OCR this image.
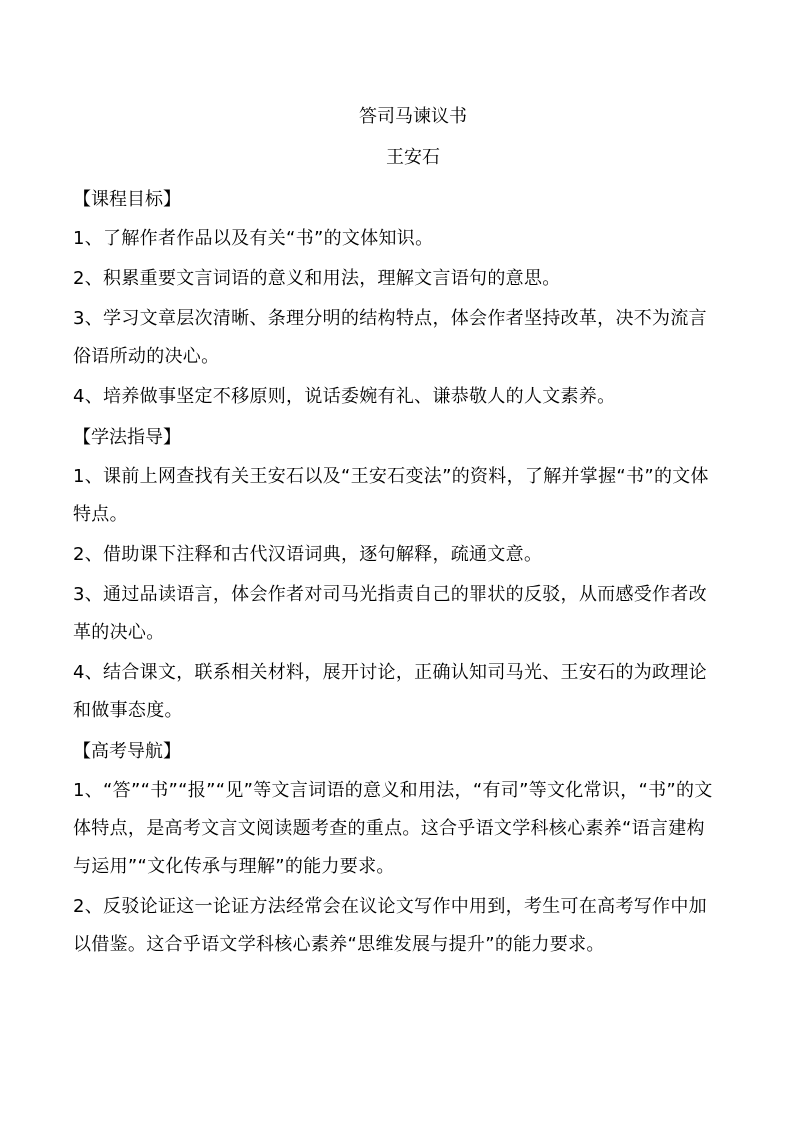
答司马谏议书
王安石
【课程目标】

1、了解作者作品以及有关“书”的文体知识。

2、积累重要文言词语的意义和用法，理解文言语句的意思。

3、学习文章层次清晰、条理分明的结构特点，体会作者坚持改革，决不为流言俗语所动的决心。

4、培养做事坚定不移原则，说话委婉有礼、谦恭敬人的人文素养。

【学法指导】

1、课前上网查找有关王安石以及“王安石变法”的资料，了解并掌握“书”的文体特点。

2、借助课下注释和古代汉语词典，逐句解释，疏通文意。

3、通过品读语言，体会作者对司马光指责自己的罪状的反驳，从而感受作者改革的决心。

4、结合课文，联系相关材料，展开讨论，正确认知司马光、王安石的为政理论和做事态度。

【高考导航】

1、“答”“书”“报”“见”等文言词语的意义和用法，“有司”等文化常识，“书”的文体特点，是高考文言文阅读题考查的重点。这合乎语文学科核心素养“语言建构与运用”“文化传承与理解”的能力要求。

2、反驳论证这一论证方法经常会在议论文写作中用到，考生可在高考写作中加以借鉴。这合乎语文学科核心素养“思维发展与提升”的能力要求。
